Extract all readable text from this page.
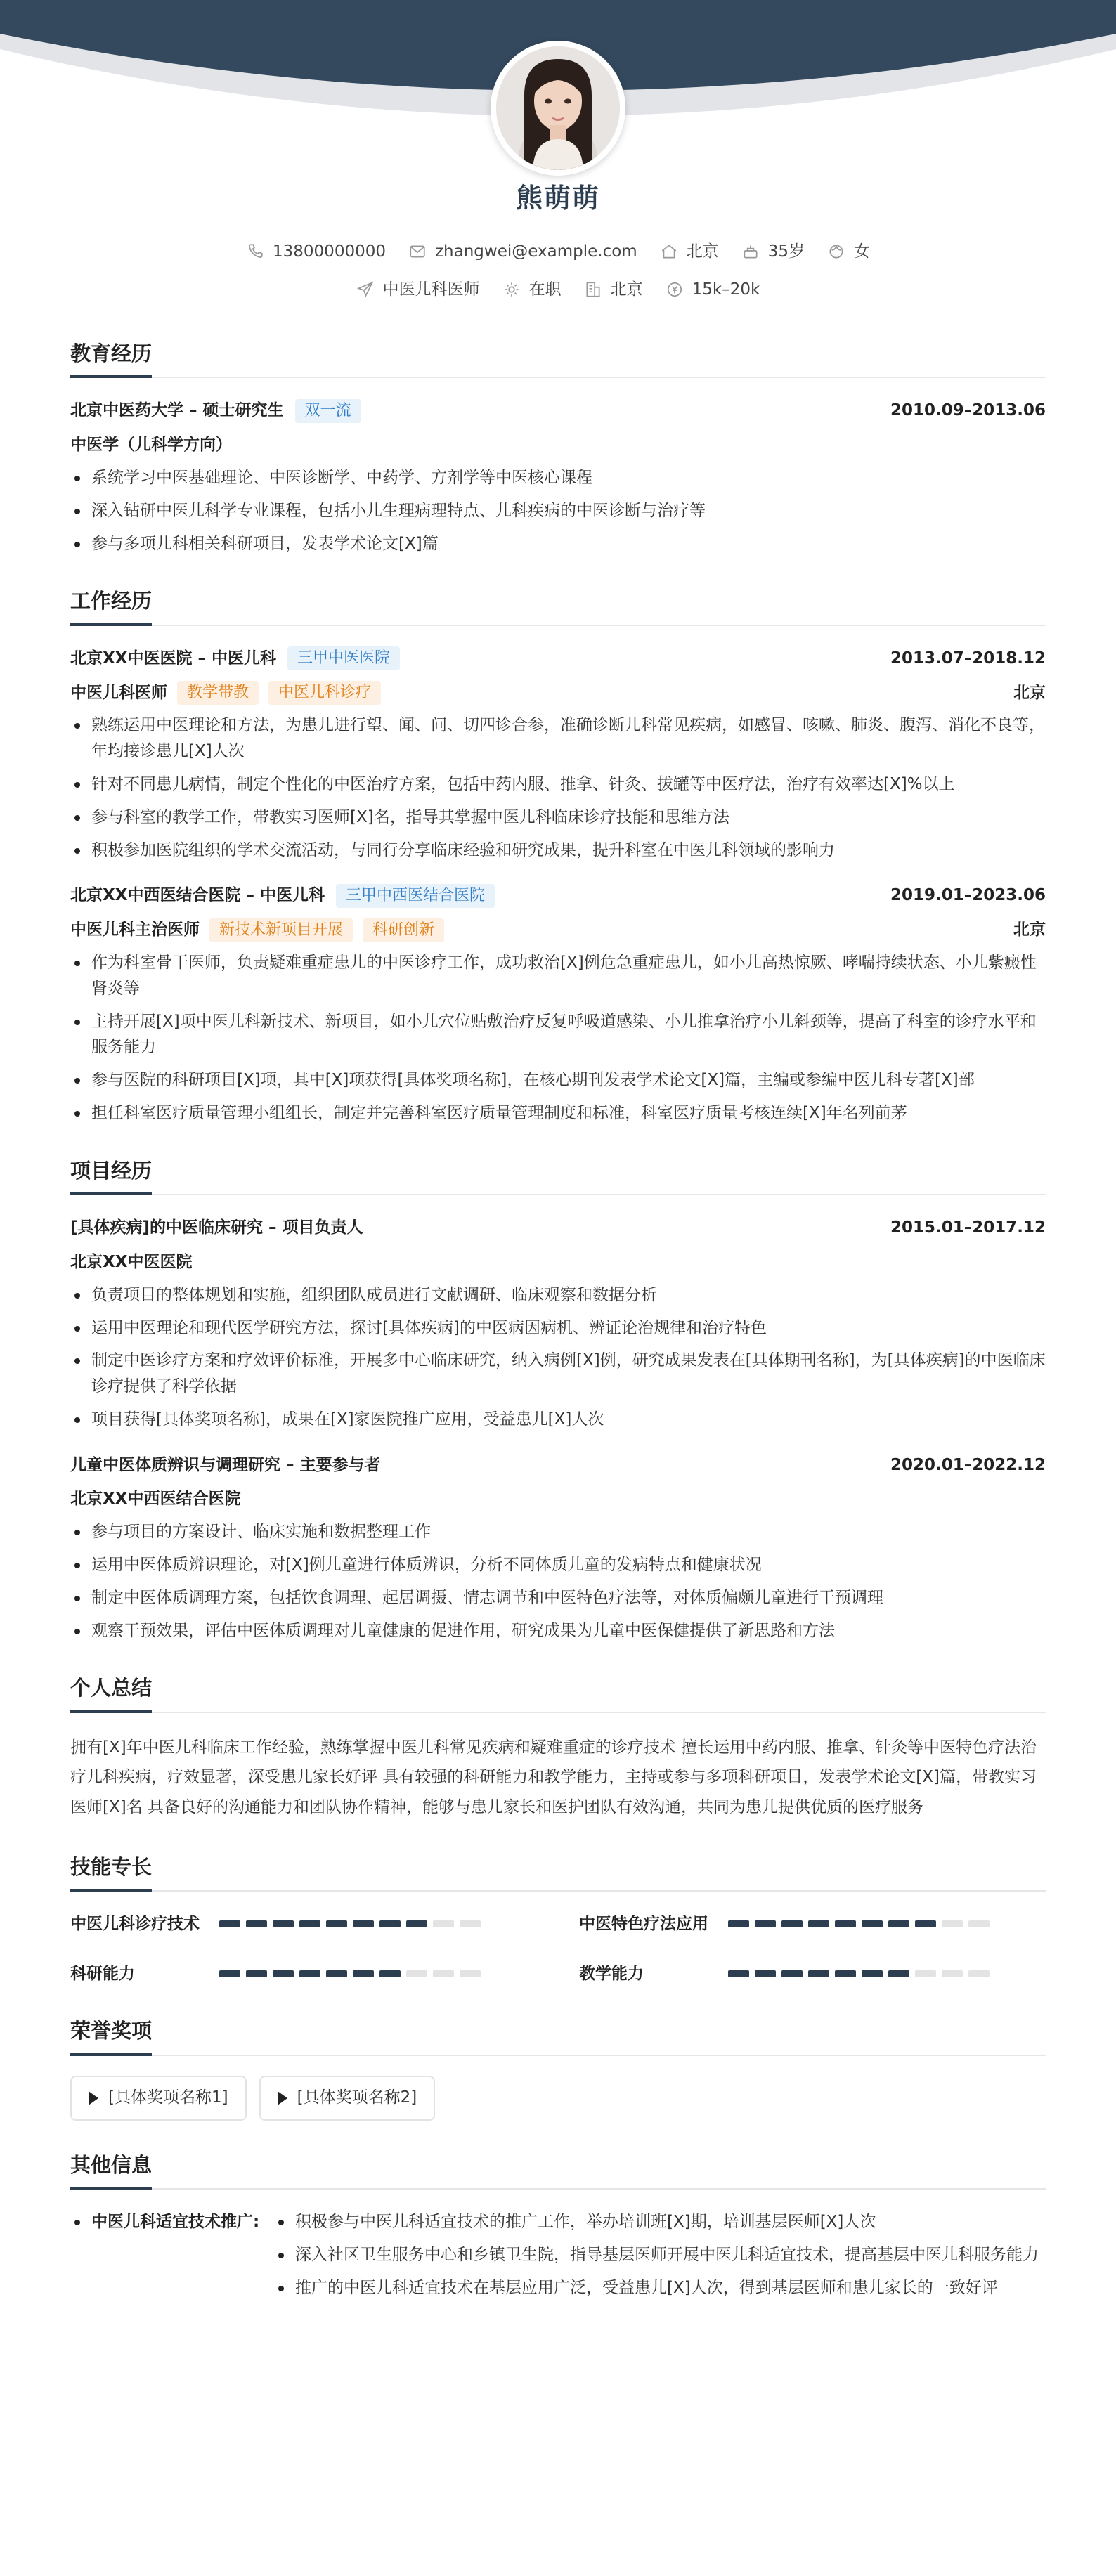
熊萌萌
13800000000	zhangwei@example.com	北京	35岁	女
中医儿科医师	在职	北京	15k–20k
教育经历
北京中医药大学 – 硕士研究生	双一流	2010.09–2013.06
中医学（儿科学方向）
系统学习中医基础理论、中医诊断学、中药学、方剂学等中医核心课程
深入钻研中医儿科学专业课程，包括小儿生理病理特点、儿科疾病的中医诊断与治疗等
参与多项儿科相关科研项目，发表学术论文[X]篇
工作经历
北京XX中医医院 – 中医儿科	三甲中医医院	2013.07–2018.12
中医儿科医师	教学带教	中医儿科诊疗	北京
熟练运用中医理论和方法，为患儿进行望、闻、问、切四诊合参，准确诊断儿科常见疾病，如感冒、咳嗽、肺炎、腹泻、消化不良等，年均接诊患儿[X]人次
针对不同患儿病情，制定个性化的中医治疗方案，包括中药内服、推拿、针灸、拔罐等中医疗法，治疗有效率达[X]%以上
参与科室的教学工作，带教实习医师[X]名，指导其掌握中医儿科临床诊疗技能和思维方法
积极参加医院组织的学术交流活动，与同行分享临床经验和研究成果，提升科室在中医儿科领域的影响力
北京XX中西医结合医院 – 中医儿科	三甲中西医结合医院	2019.01–2023.06
中医儿科主治医师	新技术新项目开展	科研创新	北京
作为科室骨干医师，负责疑难重症患儿的中医诊疗工作，成功救治[X]例危急重症患儿，如小儿高热惊厥、哮喘持续状态、小儿紫癜性肾炎等
主持开展[X]项中医儿科新技术、新项目，如小儿穴位贴敷治疗反复呼吸道感染、小儿推拿治疗小儿斜颈等，提高了科室的诊疗水平和服务能力
参与医院的科研项目[X]项，其中[X]项获得[具体奖项名称]，在核心期刊发表学术论文[X]篇，主编或参编中医儿科专著[X]部
担任科室医疗质量管理小组组长，制定并完善科室医疗质量管理制度和标准，科室医疗质量考核连续[X]年名列前茅
项目经历
[具体疾病]的中医临床研究 – 项目负责人	2015.01–2017.12
北京XX中医医院
负责项目的整体规划和实施，组织团队成员进行文献调研、临床观察和数据分析
运用中医理论和现代医学研究方法，探讨[具体疾病]的中医病因病机、辨证论治规律和治疗特色
制定中医诊疗方案和疗效评价标准，开展多中心临床研究，纳入病例[X]例，研究成果发表在[具体期刊名称]，为[具体疾病]的中医临床诊疗提供了科学依据
项目获得[具体奖项名称]，成果在[X]家医院推广应用，受益患儿[X]人次
儿童中医体质辨识与调理研究 – 主要参与者	2020.01–2022.12
北京XX中西医结合医院
参与项目的方案设计、临床实施和数据整理工作
运用中医体质辨识理论，对[X]例儿童进行体质辨识，分析不同体质儿童的发病特点和健康状况
制定中医体质调理方案，包括饮食调理、起居调摄、情志调节和中医特色疗法等，对体质偏颇儿童进行干预调理
观察干预效果，评估中医体质调理对儿童健康的促进作用，研究成果为儿童中医保健提供了新思路和方法
个人总结

拥有[X]年中医儿科临床工作经验，熟练掌握中医儿科常见疾病和疑难重症的诊疗技术 擅长运用中药内服、推拿、针灸等中医特色疗法治疗儿科疾病，疗效显著，深受患儿家长好评 具有较强的科研能力和教学能力，主持或参与多项科研项目，发表学术论文[X]篇，带教实习医师[X]名 具备良好的沟通能力和团队协作精神，能够与患儿家长和医护团队有效沟通，共同为患儿提供优质的医疗服务

技能专长
中医儿科诊疗技术	中医特色疗法应用
科研能力	教学能力
荣誉奖项
[具体奖项名称1]	[具体奖项名称2]
其他信息
中医儿科适宜技术推广:	积极参与中医儿科适宜技术的推广工作，举办培训班[X]期，培训基层医师[X]人次
深入社区卫生服务中心和乡镇卫生院，指导基层医师开展中医儿科适宜技术，提高基层中医儿科服务能力
推广的中医儿科适宜技术在基层应用广泛，受益患儿[X]人次，得到基层医师和患儿家长的一致好评
